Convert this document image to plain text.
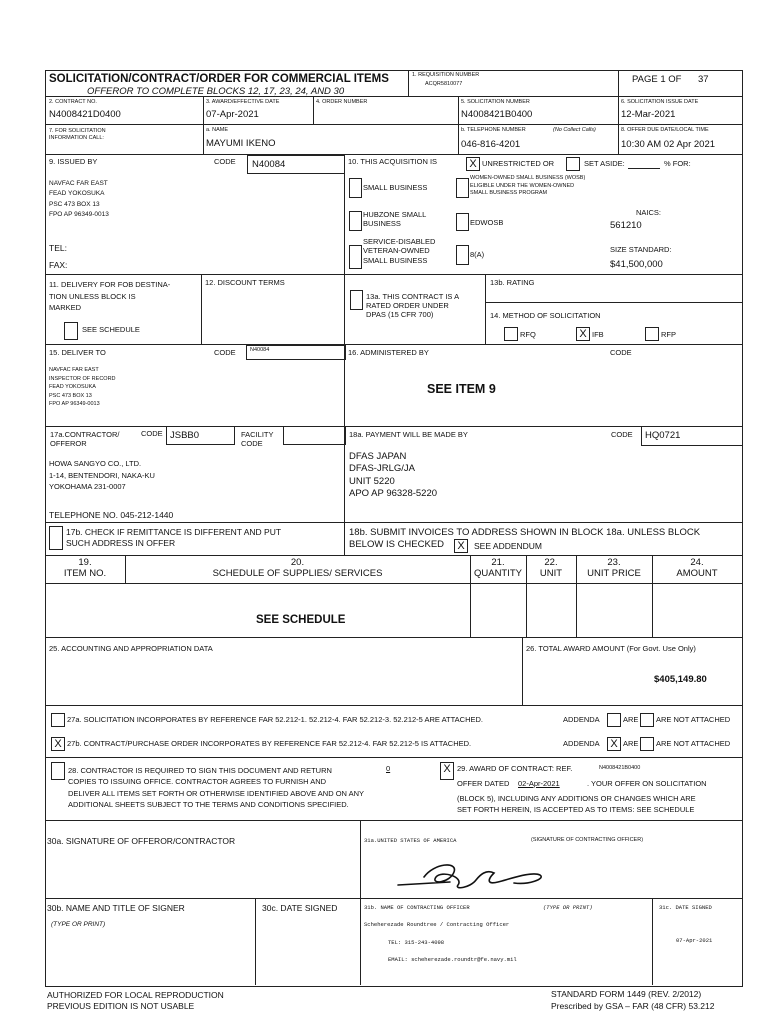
SOLICITATION/CONTRACT/ORDER FOR COMMERCIAL ITEMS
OFFEROR TO COMPLETE BLOCKS 12, 17, 23, 24, AND 30
1. REQUISITION NUMBER
ACQR5810077	PAGE 1 OF 37
2. CONTRACT NO.
N4008421D0400
3. AWARD/EFFECTIVE DATE
07-Apr-2021
4. ORDER NUMBER	5. SOLICITATION NUMBER
N4008421B0400
6. SOLICITATION ISSUE DATE
12-Mar-2021
7. FOR SOLICITATION
INFORMATION CALL:
a. NAME
MAYUMI IKENO
b. TELEPHONE NUMBER	(No Collect Calls)
046-816-4201
8. OFFER DUE DATE/LOCAL TIME
10:30 AM 02 Apr 2021
9. ISSUED BY	CODE N40084
NAVFAC FAR EAST
FEAD YOKOSUKA
PSC 473 BOX 13
FPO AP 96349-0013
TEL:
FAX:
10. THIS ACQUISITION IS	X UNRESTRICTED OR	SET ASIDE:	% FOR:
SMALL BUSINESS
WOMEN-OWNED SMALL BUSINESS (WOSB)
ELIGIBLE UNDER THE WOMEN-OWNED
SMALL BUSINESS PROGRAM
HUBZONE SMALL
BUSINESS	EDWOSB
NAICS:
561210
SERVICE-DISABLED
VETERAN-OWNED
SMALL BUSINESS
8(A)
SIZE STANDARD:
$41,500,000
11. DELIVERY FOR FOB DESTINA-
TION UNLESS BLOCK IS
MARKED
SEE SCHEDULE
12. DISCOUNT TERMS
13a. THIS CONTRACT IS A
RATED ORDER UNDER
DPAS (15 CFR 700)
13b. RATING
14. METHOD OF SOLICITATION
RFQ	X IFB	RFP
15. DELIVER TO	CODE	N40084
NAVFAC FAR EAST
INSPECTOR OF RECORD
FEAD YOKOSUKA
PSC 473 BOX 13
FPO AP 96349-0013
16. ADMINISTERED BY	CODE
SEE ITEM 9
17a.CONTRACTOR/
OFFEROR
CODE JSBB0	FACILITY
CODE
HOWA SANGYO CO., LTD.
1-14, BENTENDORI, NAKA-KU
YOKOHAMA 231-0007
TELEPHONE NO. 045-212-1440
17b. CHECK IF REMITTANCE IS DIFFERENT AND PUT
SUCH ADDRESS IN OFFER
18a. PAYMENT WILL BE MADE BY	CODE HQ0721
DFAS JAPAN
DFAS-JRLG/JA
UNIT 5220
APO AP 96328-5220
18b. SUBMIT INVOICES TO ADDRESS SHOWN IN BLOCK 18a. UNLESS BLOCK
BELOW IS CHECKED	X	SEE ADDENDUM
19.
ITEM NO.
20.
SCHEDULE OF SUPPLIES/ SERVICES
21.
QUANTITY
22.
UNIT
23.
UNIT PRICE
24.
AMOUNT
SEE SCHEDULE
25. ACCOUNTING AND APPROPRIATION DATA	26. TOTAL AWARD AMOUNT (For Govt. Use Only)
$405,149.80
27a. SOLICITATION INCORPORATES BY REFERENCE FAR 52.212-1. 52.212-4. FAR 52.212-3. 52.212-5 ARE ATTACHED.	ADDENDA	ARE ARE NOT ATTACHED
X 27b. CONTRACT/PURCHASE ORDER INCORPORATES BY REFERENCE FAR 52.212-4. FAR 52.212-5 IS ATTACHED.	ADDENDA X ARE ARE NOT ATTACHED
28. CONTRACTOR IS REQUIRED TO SIGN THIS DOCUMENT AND RETURN
COPIES TO ISSUING OFFICE. CONTRACTOR AGREES TO FURNISH AND
DELIVER ALL ITEMS SET FORTH OR OTHERWISE IDENTIFIED ABOVE AND ON ANY
ADDITIONAL SHEETS SUBJECT TO THE TERMS AND CONDITIONS SPECIFIED.
0	X 29. AWARD OF CONTRACT: REF.	N4008421B0400
OFFER DATED 02-Apr-2021	. YOUR OFFER ON SOLICITATION
(BLOCK 5), INCLUDING ANY ADDITIONS OR CHANGES WHICH ARE
SET FORTH HEREIN, IS ACCEPTED AS TO ITEMS: SEE SCHEDULE
30a. SIGNATURE OF OFFEROR/CONTRACTOR	31a.UNITED STATES OF AMERICA	(SIGNATURE OF CONTRACTING OFFICER)
30b. NAME AND TITLE OF SIGNER
(TYPE OR PRINT)
30c. DATE SIGNED	31b. NAME OF CONTRACTING OFFICER	(TYPE OR PRINT)
Scheherezade Roundtree / Contracting Officer
TEL: 315-243-4098
EMAIL: scheherezade.roundtr@fe.navy.mil
31c. DATE SIGNED
07-Apr-2021
AUTHORIZED FOR LOCAL REPRODUCTION
PREVIOUS EDITION IS NOT USABLE
STANDARD FORM 1449 (REV. 2/2012)
Prescribed by GSA – FAR (48 CFR) 53.212
